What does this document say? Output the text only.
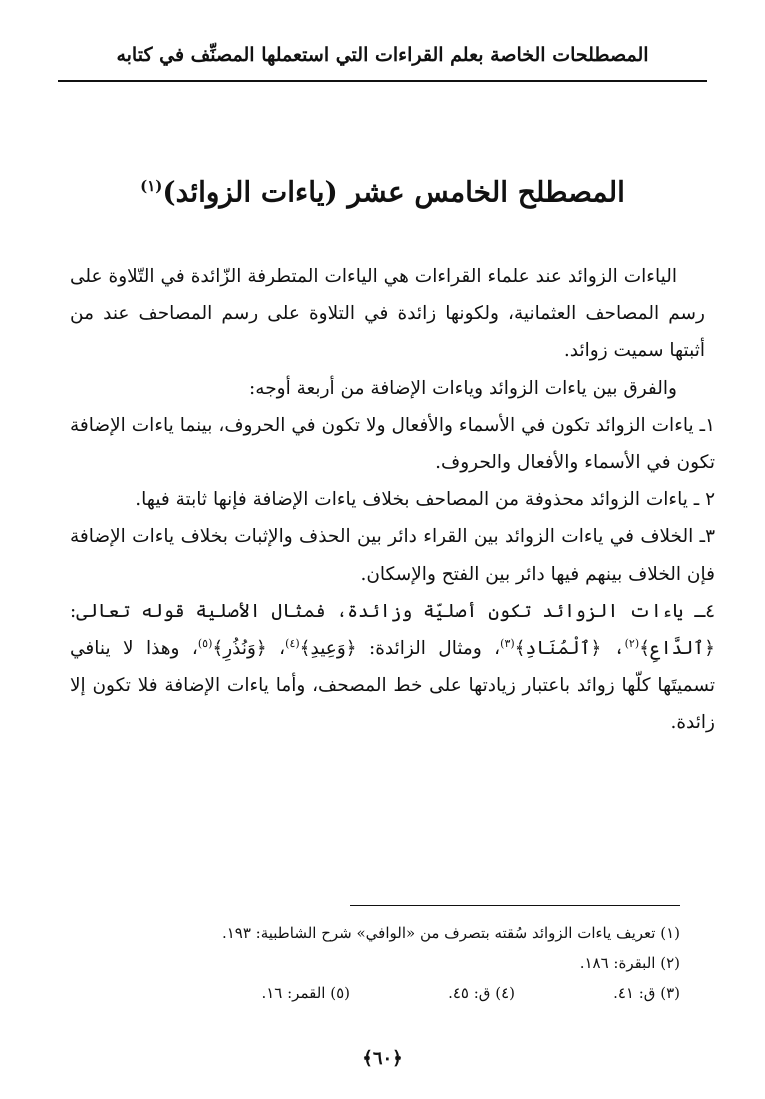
المصطلحات الخاصة بعلم القراءات التي استعملها المصنِّف في كتابه
المصطلح الخامس عشر (ياءات الزوائد)$^{(١)}$

الياءات الزوائد عند علماء القراءات هي الياءات المتطرفة الزّائدة في التّلاوة على رسم المصاحف العثمانية، ولكونها زائدة في التلاوة على رسم المصاحف عند من أثبتها سميت زوائد.

والفرق بين ياءات الزوائد وياءات الإضافة من أربعة أوجه:

١ـ ياءات الزوائد تكون في الأسماء والأفعال ولا تكون في الحروف، بينما ياءات الإضافة تكون في الأسماء والأفعال والحروف.

٢ ـ ياءات الزوائد محذوفة من المصاحف بخلاف ياءات الإضافة فإنها ثابتة فيها.

٣ـ الخلاف في ياءات الزوائد بين القراء دائر بين الحذف والإثبات بخلاف ياءات الإضافة فإن الخلاف بينهم فيها دائر بين الفتح والإسكان.

٤ـ ياءات الزوائد تكون أصليّة وزائدة، فمثال الأصلية قوله تعالى: ﴿ٱلدَّاعِ﴾$^{(٢)}$، ﴿ٱلْمُنَادِ﴾$^{(٣)}$، ومثال الزائدة: ﴿وَعِيدِ﴾$^{(٤)}$، ﴿وَنُذُرِ﴾$^{(٥)}$، وهذا لا ينافي تسميتَها كلّها زوائد باعتبار زيادتها على خط المصحف، وأما ياءات الإضافة فلا تكون إلا زائدة.

(١) تعريف ياءات الزوائد سُقته بتصرف من «الوافي» شرح الشاطبية: ١٩٣.
(٢) البقرة: ١٨٦.
(٣) ق: ٤١.
(٤) ق: ٤٥.
(٥) القمر: ١٦.
﴿٦٠﴾
